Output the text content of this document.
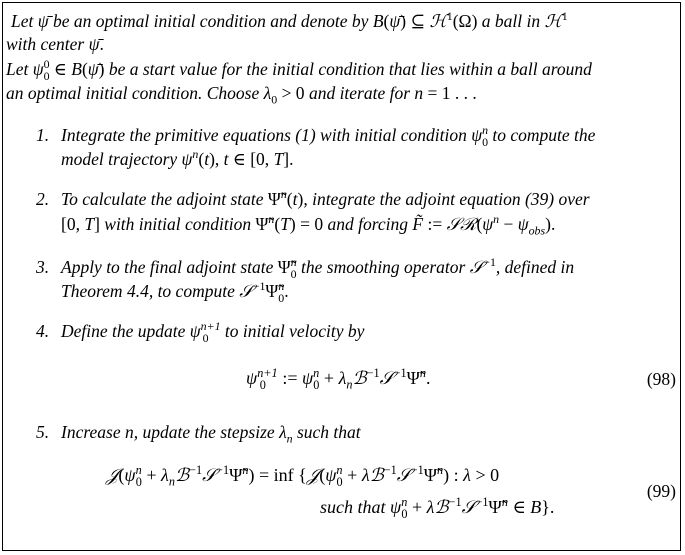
Let ψ̄ be an optimal initial condition and denote by B(ψ̄) ⊆ ℋ$^1$(Ω) a ball in ℋ$^1$
with center ψ̄.
Let $\psi^0_0$ ∈ B(ψ̄) be a start value for the initial condition that lies within a ball around
an optimal initial condition. Choose $\lambda_0 > 0$ and iterate for n = 1 . . .
1. Integrate the primitive equations (1) with initial condition $\psi^n_0$ to compute the
model trajectory $\psi^n(t)$, t ∈ [0, T].
2. To calculate the adjoint state Ψ̃$^n$(t), integrate the adjoint equation (39) over
[0, T] with initial condition Ψ̃$^n$(T) = 0 and forcing F̃ := $𝒮ℛ(\psi^n - \psi_{obs})$.
3. Apply to the final adjoint state Ψ̃$^n_0$ the smoothing operator 𝒮$^{-1}$, defined in
Theorem 4.4, to compute 𝒮$^{-1}$Ψ̃$^n_0$.
4. Define the update $\psi^{n+1}_0$ to initial velocity by
$\psi^{n+1}_0$ := $\psi^n_0$ + $\lambda_nℬ^{-1}𝒮^{-1}\Psĩ^n$.	(98)
5. Increase n, update the stepsize $\lambda_n$ such that
$𝒥(\psi^n_0$ + $\lambda_nℬ^{-1}𝒮^{-1}\Psĩ^n$) = inf {$𝒥(\psi^n_0$ + λℬ$^{-1}$𝒮$^{-1}$Ψ̃$^n$) : λ > 0
such that $\psi^n_0$ + λℬ$^{-1}$𝒮$^{-1}$Ψ̃$^n$ ∈ B}.
(99)
